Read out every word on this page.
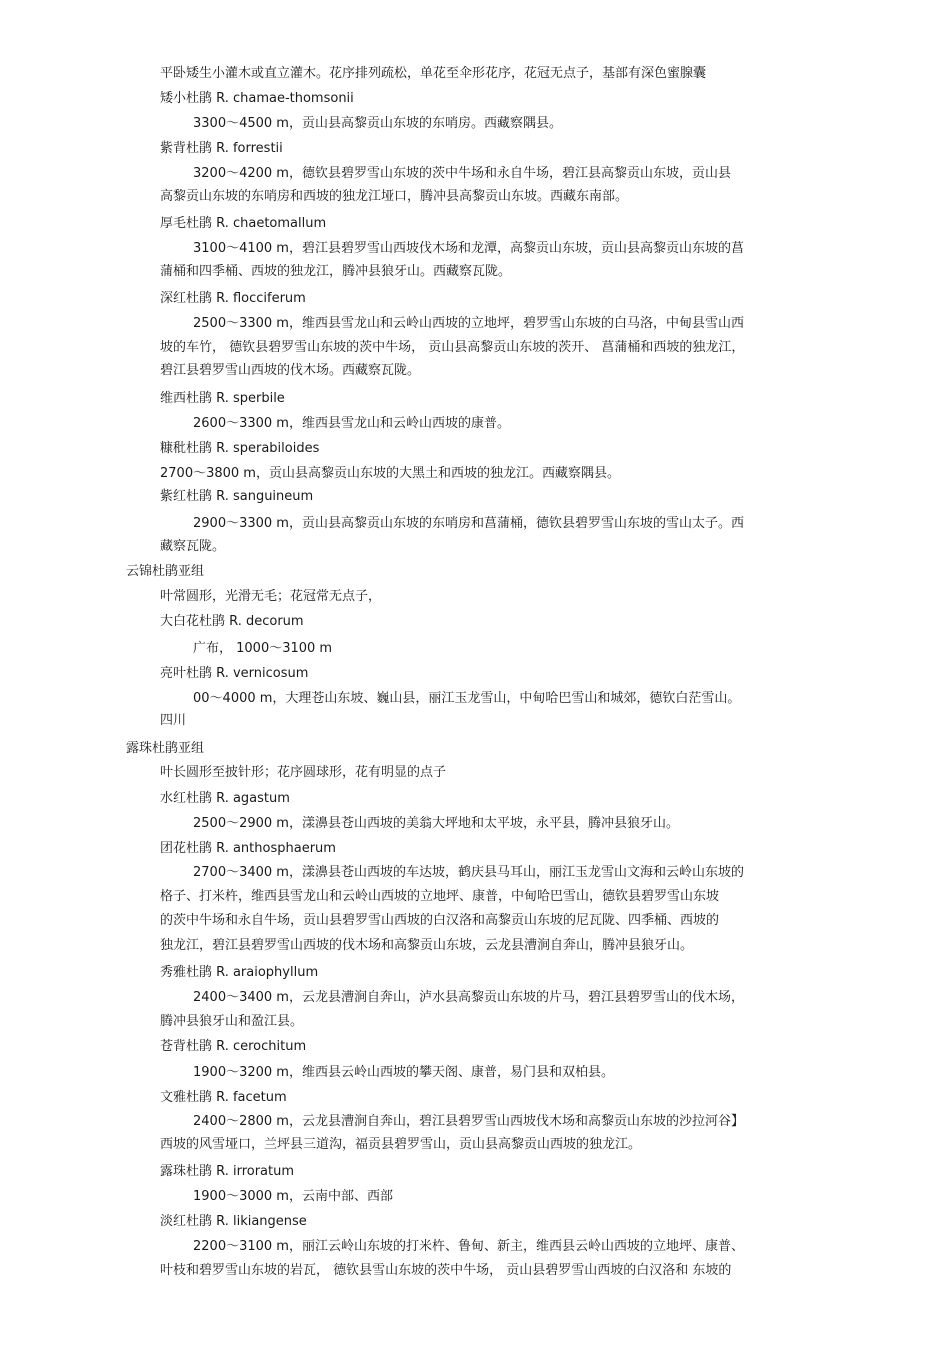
平卧矮生小灌木或直立灌木。花序排列疏松，单花至伞形花序，花冠无点子，基部有深色蜜腺囊
矮小杜鹃 R. chamae-thomsonii
3300～4500 m，贡山县高黎贡山东坡的东哨房。西藏察隅县。
紫背杜鹃 R. forrestii
3200～4200 m，德钦县碧罗雪山东坡的茨中牛场和永自牛场，碧江县高黎贡山东坡，贡山县
高黎贡山东坡的东哨房和西坡的独龙江垭口，腾冲县高黎贡山东坡。西藏东南部。
厚毛杜鹃 R. chaetomallum
3100～4100 m，碧江县碧罗雪山西坡伐木场和龙潭，高黎贡山东坡，贡山县高黎贡山东坡的菖
蒲桶和四季桶、西坡的独龙江，腾冲县狼牙山。西藏察瓦陇。
深红杜鹃 R. flocciferum
2500～3300 m，维西县雪龙山和云岭山西坡的立地坪，碧罗雪山东坡的白马洛，中甸县雪山西
坡的车竹， 德钦县碧罗雪山东坡的茨中牛场， 贡山县高黎贡山东坡的茨开、 菖蒲桶和西坡的独龙江，
碧江县碧罗雪山西坡的伐木场。西藏察瓦陇。
维西杜鹃 R. sperbile
2600～3300 m，维西县雪龙山和云岭山西坡的康普。
糠秕杜鹃 R. sperabiloides
2700～3800 m，贡山县高黎贡山东坡的大黑土和西坡的独龙江。西藏察隅县。
紫红杜鹃 R. sanguineum
2900～3300 m，贡山县高黎贡山东坡的东哨房和菖蒲桶，德钦县碧罗雪山东坡的雪山太子。西
藏察瓦陇。
云锦杜鹃亚组
叶常圆形，光滑无毛；花冠常无点子，
大白花杜鹃 R. decorum
广布， 1000～3100 m
亮叶杜鹃 R. vernicosum
00～4000 m，大理苍山东坡、巍山县，丽江玉龙雪山，中甸哈巴雪山和城郊，德钦白茫雪山。
四川
露珠杜鹃亚组
叶长圆形至披针形；花序圆球形，花有明显的点子
水红杜鹃 R. agastum
2500～2900 m，漾濞县苍山西坡的美翁大坪地和太平坡，永平县，腾冲县狼牙山。
团花杜鹃 R. anthosphaerum
2700～3400 m，漾濞县苍山西坡的车达坡，鹤庆县马耳山，丽江玉龙雪山文海和云岭山东坡的
格子、打米杵，维西县雪龙山和云岭山西坡的立地坪、康普，中甸哈巴雪山，德钦县碧罗雪山东坡
的茨中牛场和永自牛场，贡山县碧罗雪山西坡的白汉洛和高黎贡山东坡的尼瓦陇、四季桶、西坡的
独龙江，碧江县碧罗雪山西坡的伐木场和高黎贡山东坡，云龙县漕涧自奔山，腾冲县狼牙山。
秀雅杜鹃 R. araiophyllum
2400～3400 m，云龙县漕涧自奔山，泸水县高黎贡山东坡的片马，碧江县碧罗雪山的伐木场，
腾冲县狼牙山和盈江县。
苍背杜鹃 R. cerochitum
1900～3200 m，维西县云岭山西坡的攀天阁、康普，易门县和双柏县。
文雅杜鹃 R. facetum
2400～2800 m，云龙县漕涧自奔山，碧江县碧罗雪山西坡伐木场和高黎贡山东坡的沙拉河谷】
西坡的风雪垭口，兰坪县三道沟，福贡县碧罗雪山，贡山县高黎贡山西坡的独龙江。
露珠杜鹃 R. irroratum
1900～3000 m，云南中部、西部
淡红杜鹃 R. likiangense
2200～3100 m，丽江云岭山东坡的打米杵、鲁甸、新主，维西县云岭山西坡的立地坪、康普、
叶枝和碧罗雪山东坡的岩瓦， 德钦县雪山东坡的茨中牛场， 贡山县碧罗雪山西坡的白汉洛和 东坡的
